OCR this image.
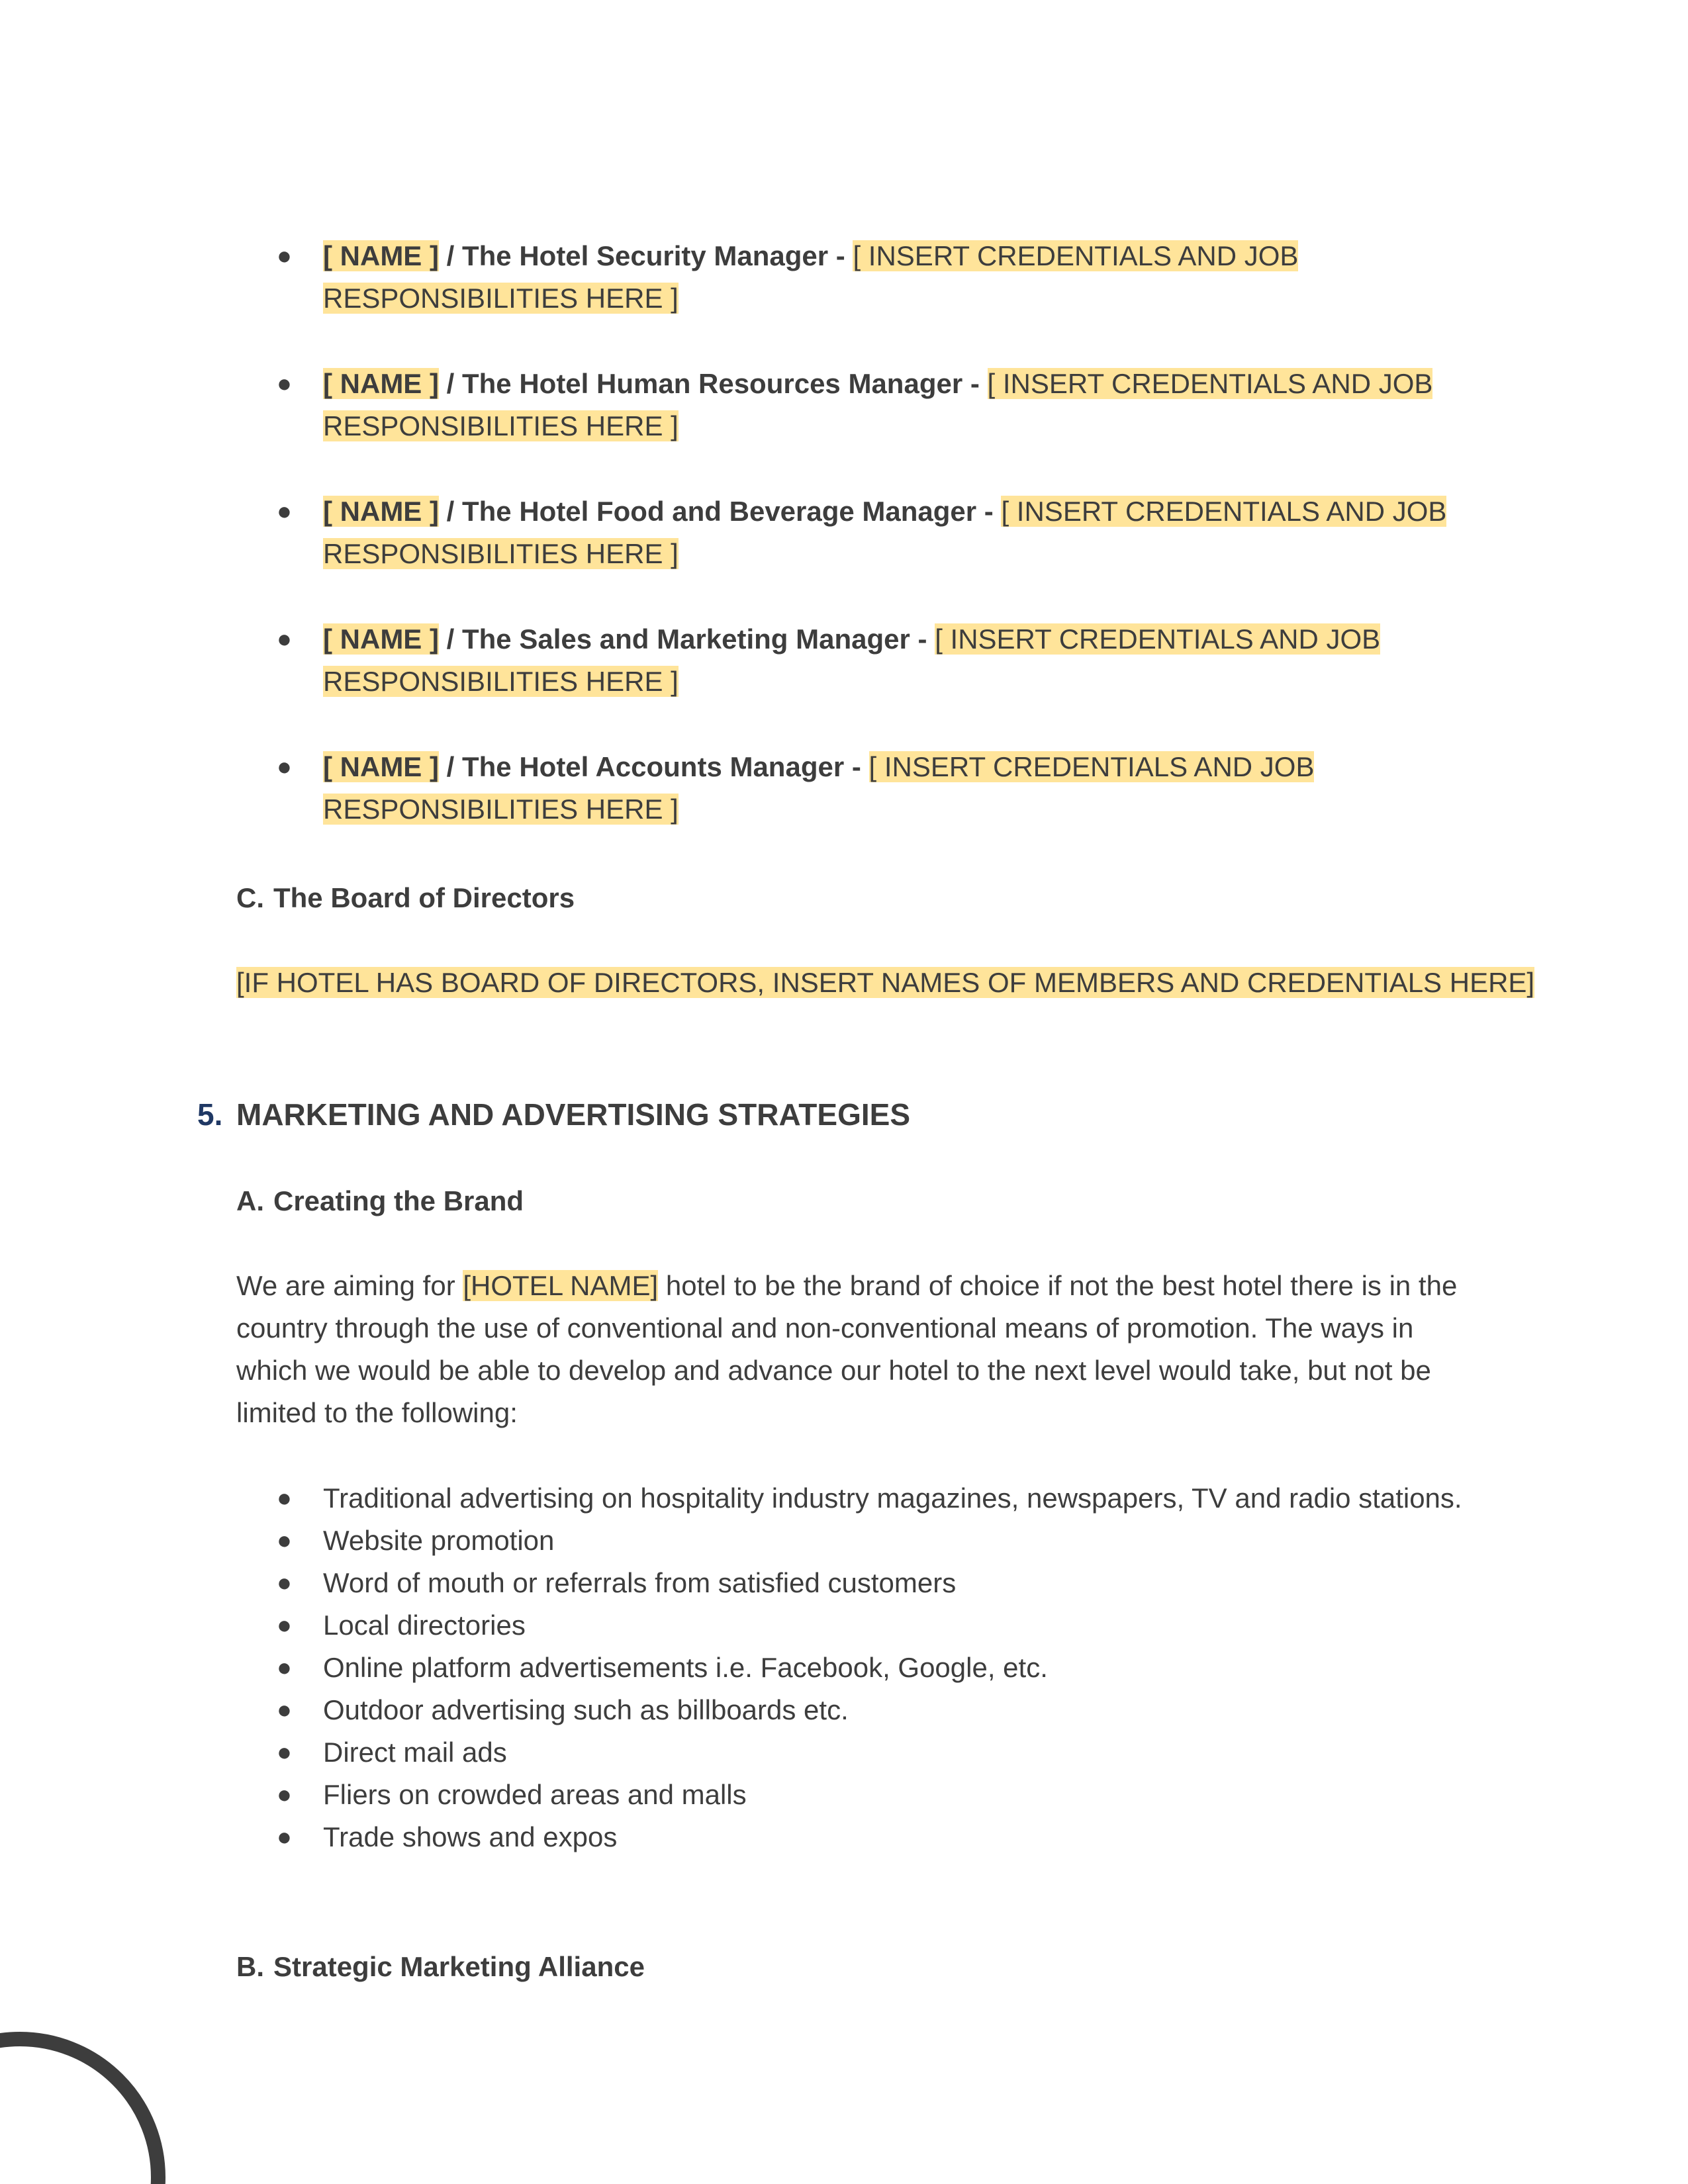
● [ NAME ] / The Hotel Security Manager - [ INSERT CREDENTIALS AND JOB RESPONSIBILITIES HERE ]
● [ NAME ] / The Hotel Human Resources Manager - [ INSERT CREDENTIALS AND JOB RESPONSIBILITIES HERE ]
● [ NAME ] / The Hotel Food and Beverage Manager - [ INSERT CREDENTIALS AND JOB RESPONSIBILITIES HERE ]
● [ NAME ] / The Sales and Marketing Manager - [ INSERT CREDENTIALS AND JOB RESPONSIBILITIES HERE ]
● [ NAME ] / The Hotel Accounts Manager - [ INSERT CREDENTIALS AND JOB RESPONSIBILITIES HERE ]
C. The Board of Directors

[IF HOTEL HAS BOARD OF DIRECTORS, INSERT NAMES OF MEMBERS AND CREDENTIALS HERE]

5. MARKETING AND ADVERTISING STRATEGIES
A. Creating the Brand

We are aiming for [HOTEL NAME] hotel to be the brand of choice if not the best hotel there is in the country through the use of conventional and non-conventional means of promotion. The ways in which we would be able to develop and advance our hotel to the next level would take, but not be limited to the following:

● Traditional advertising on hospitality industry magazines, newspapers, TV and radio stations.
● Website promotion
● Word of mouth or referrals from satisfied customers
● Local directories
● Online platform advertisements i.e. Facebook, Google, etc.
● Outdoor advertising such as billboards etc.
● Direct mail ads
● Fliers on crowded areas and malls
● Trade shows and expos
B. Strategic Marketing Alliance
